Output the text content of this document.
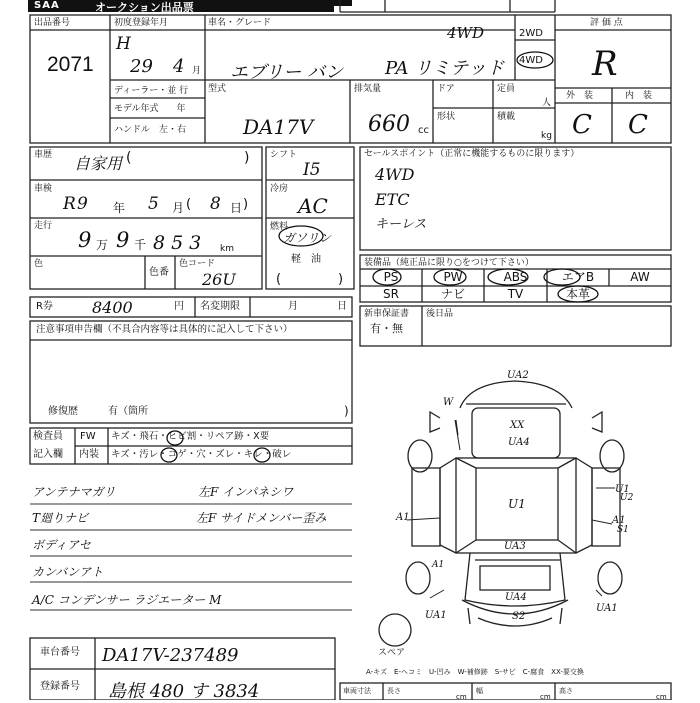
SAA	オークション出品票
出品番号
2071
初度登録年月
H
29 4 月
車名・グレード
4WD
エブリー バン PA リミテッド
2WD
4WD
評 価 点
R
ディーラー・並 行
モデル年式　　年
ハンドル　左・右
型式
DA17V
排気量
660 cc
ドア	定員
人
形状	積載
kg
外　装	内　装
C C
車歴 自家用 (	)
車検
R 9 年 5 月 ( 8 日 )
走行
9 万 9 千 853 km
色
色番
色コード
26U
シフト
I5
冷房
AC
燃料
ガソリン
軽　油
(	)
セールスポイント（正常に機能するものに限ります）
4WD
ETC
キーレス
装備品（純正品に限り○をつけて下さい）
PS	PW	ABS	エアB	AW
SR	ナビ	TV	本革
R券 8400	円 名変期限	月	日
注意事項申告欄（不具合内容等は具体的に記入して下さい）
修復歴	有（箇所	)
新車保証書
有・無
後日品
検査員
記入欄
FW キズ・飛石・ヒビ割・リペア跡・X要
内装 キズ・汚レ・コゲ・穴・ズレ・キレ・破レ
アンテナマガリ	左F インパネシワ
T廻りナビ	左F サイドメンバー歪み
ボディアセ
カンバンアト
A/C コンデンサー ラジエーター M
UA2
W
XX
UA4
A1
U1
A1
UA3
U1
A1
UA4
S2
UA1
UA1
U2
S1
スペア
A-キズ　E-ヘコミ　U-凹み　W-補修跡　S-サビ　C-腐食　XX-要交換
車台番号 DA17V-237489
登録番号 島根 480 す 3834	車両寸法 長さ
cm
幅
cm
高さ
cm
